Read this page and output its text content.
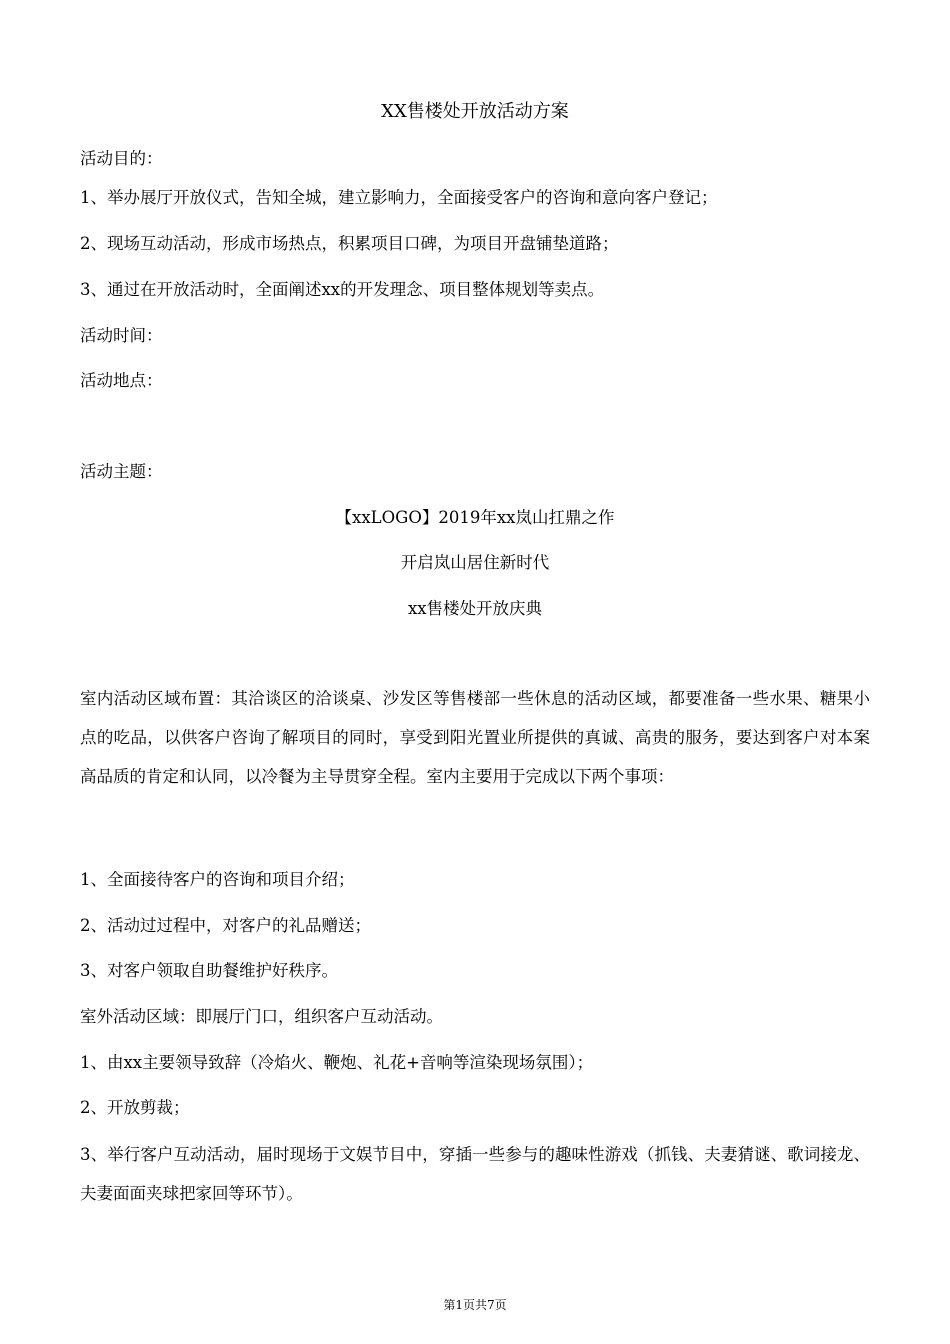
XX售楼处开放活动方案
活动目的：
1、举办展厅开放仪式，告知全城，建立影响力，全面接受客户的咨询和意向客户登记；
2、现场互动活动，形成市场热点，积累项目口碑，为项目开盘铺垫道路；
3、通过在开放活动时，全面阐述xx的开发理念、项目整体规划等卖点。
活动时间：
活动地点：
活动主题：
【xxLOGO】2019年xx岚山扛鼎之作
开启岚山居住新时代
xx售楼处开放庆典
室内活动区域布置：其洽谈区的洽谈桌、沙发区等售楼部一些休息的活动区域，都要准备一些水果、糖果小点的吃品，以供客户咨询了解项目的同时，享受到阳光置业所提供的真诚、高贵的服务，要达到客户对本案高品质的肯定和认同，以冷餐为主导贯穿全程。室内主要用于完成以下两个事项：
1、全面接待客户的咨询和项目介绍；
2、活动过过程中，对客户的礼品赠送；
3、对客户领取自助餐维护好秩序。
室外活动区域：即展厅门口，组织客户互动活动。
1、由xx主要领导致辞（冷焰火、鞭炮、礼花+音响等渲染现场氛围）；
2、开放剪裁；
3、举行客户互动活动，届时现场于文娱节目中，穿插一些参与的趣味性游戏（抓钱、夫妻猜谜、歌词接龙、夫妻面面夹球把家回等环节）。
第1页共7页
